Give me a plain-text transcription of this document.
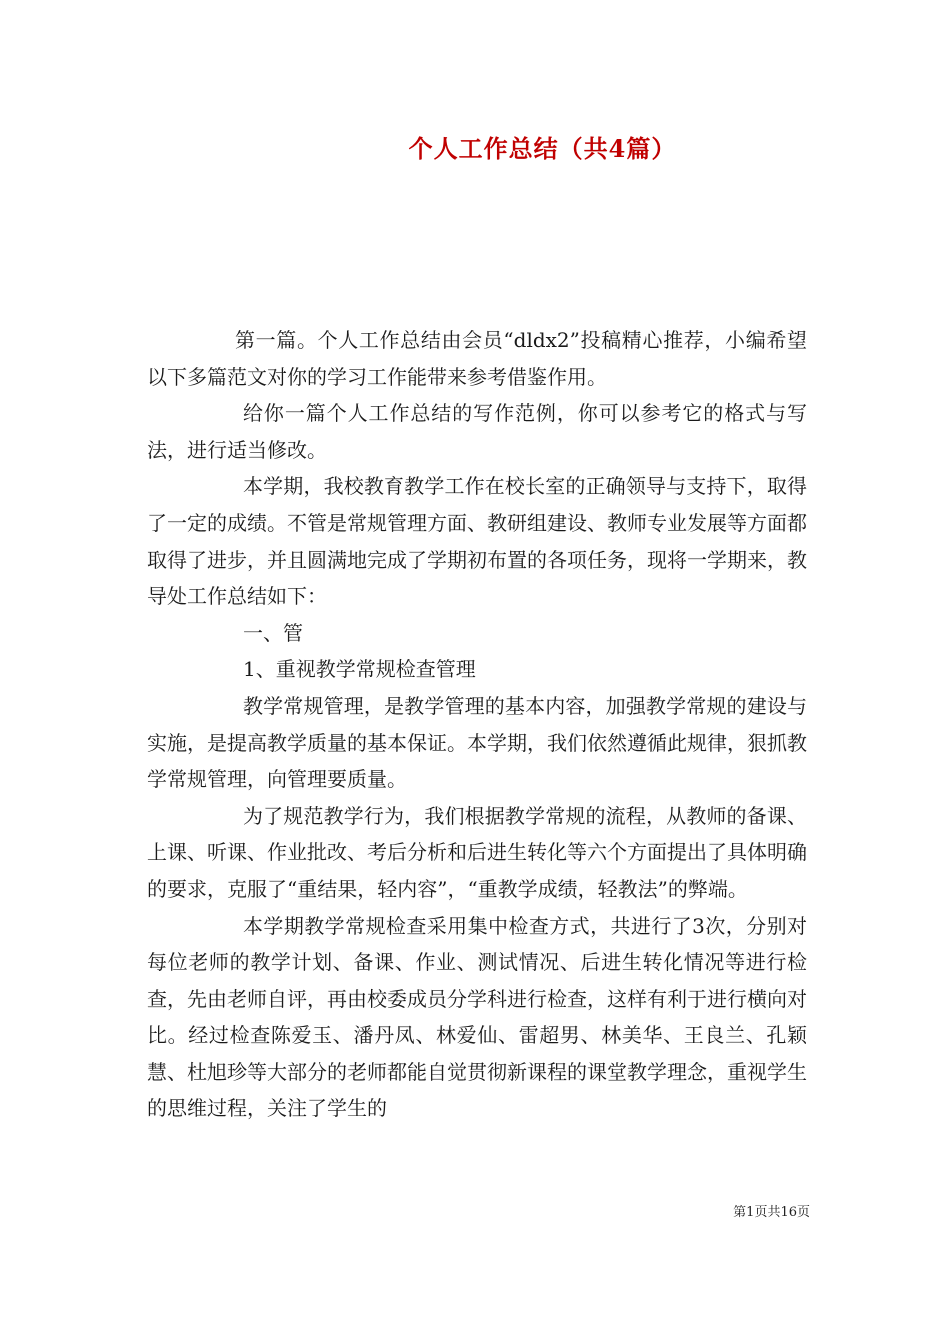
个人工作总结（共4篇）

第一篇。个人工作总结由会员“dldx2”投稿精心推荐，小编希望以下多篇范文对你的学习工作能带来参考借鉴作用。

给你一篇个人工作总结的写作范例，你可以参考它的格式与写法，进行适当修改。

本学期，我校教育教学工作在校长室的正确领导与支持下，取得了一定的成绩。不管是常规管理方面、教研组建设、教师专业发展等方面都取得了进步，并且圆满地完成了学期初布置的各项任务，现将一学期来，教导处工作总结如下：

一、管

1、重视教学常规检查管理

教学常规管理，是教学管理的基本内容，加强教学常规的建设与实施，是提高教学质量的基本保证。本学期，我们依然遵循此规律，狠抓教学常规管理，向管理要质量。

为了规范教学行为，我们根据教学常规的流程，从教师的备课、上课、听课、作业批改、考后分析和后进生转化等六个方面提出了具体明确的要求，克服了“重结果，轻内容”，“重教学成绩，轻教法”的弊端。

本学期教学常规检查采用集中检查方式，共进行了3次，分别对每位老师的教学计划、备课、作业、测试情况、后进生转化情况等进行检查，先由老师自评，再由校委成员分学科进行检查，这样有利于进行横向对比。经过检查陈爱玉、潘丹凤、林爱仙、雷超男、林美华、王良兰、孔颖慧、杜旭珍等大部分的老师都能自觉贯彻新课程的课堂教学理念，重视学生的思维过程，关注了学生的

第1页共16页
